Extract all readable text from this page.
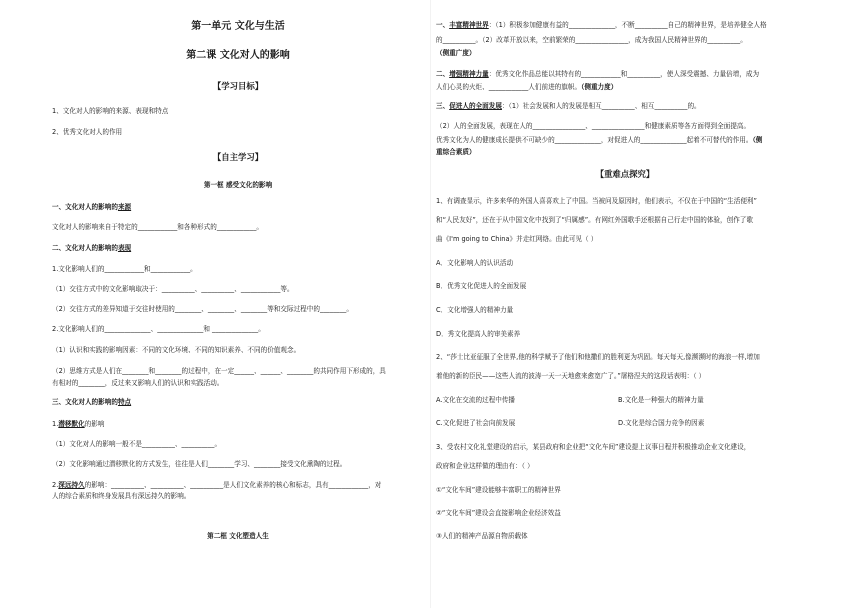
第一单元 文化与生活
第二课 文化对人的影响
【学习目标】
1、文化对人的影响的来源、表现和特点
2、优秀文化对人的作用
【自主学习】
第一框 感受文化的影响
一、文化对人的影响的来源
文化对人的影响来自于特定的____________和各种形式的____________。
二、文化对人的影响的表现
1.文化影响人们的____________和____________。
（1）交往方式中的文化影响取决于：__________、__________、____________等。
（2）交往方式的差异知道于交往时使用的________、________、________等和交际过程中的________。
2.文化影响人们的______________、______________和 ______________。
（1）认识和实践的影响因素：不同的文化环境、不同的知识素养、不同的价值观念。
（2）思维方式是人们在________和________的过程中，在一定______、______、________的共同作用下形成的，具
有相对的________，反过来又影响人们的认识和实践活动。
三、文化对人的影响的特点
1.潜移默化的影响
（1）文化对人的影响一般不是__________、__________。
（2）文化影响通过潜移默化的方式发生，往往是人们________学习、________接受文化熏陶的过程。
2.深远持久的影响：__________、__________、__________是人们文化素养的核心和标志，具有____________，对
人的综合素质和终身发展具有深远持久的影响。
第二框 文化塑造人生
一、丰富精神世界：（1）积极参加健康有益的______________，不断__________自己的精神世界，是培养健全人格
的__________。（2）改革开放以来，空前繁荣的________________，成为我国人民精神世界的__________。
（侧重广度）
二、增强精神力量：优秀文化作品总能以其特有的____________和__________，使人深受震撼、力量倍增，成为
人们心灵的火炬、____________人们前进的旗帜。（侧重力度）
三、促进人的全面发展：（1）社会发展和人的发展是相互__________、相互__________的。
（2）人的全面发展，表现在人的________________、________________和健康素质等各方面得到全面提高。
优秀文化为人的健康成长提供不可缺少的______________，对促进人的______________起着不可替代的作用。（侧
重综合素质）
【重难点探究】
1、有调查显示，许多来华的外国人喜喜欢上了中国。当被问及原因时，他们表示，不仅在于中国的“生活便利”
和“人民友好”，还在于从中国文化中找到了“归属感”。有网红外国歌手还根据自己行走中国的体验，创作了歌
曲《I'm going to China》并走红网络。由此可见（ ）
A．文化影响人的认识活动
B．优秀文化促进人的全面发展
C．文化增强人的精神力量
D．秀文化提高人的审美素养
2、“莎士比亚征服了全世界,他的科学赋予了他们和他撒们的胜利更为巩固。每天每天,像濒濒时的海浪一样,增加
着他的新的臣民——这些人流的波涛一天一天地愈来愈宽广了。”屠格涅夫的这段话表明：（ ）
A.文化在交流的过程中传播	B.文化是一种强大的精神力量
C.文化促进了社会向前发展	D.文化是综合国力竞争的因素
3、受农村文化礼堂建设的启示，某县政府和企业把“文化车间”建设提上议事日程并积极推动企业文化建设，
政府和企业这样做的理由有：（ ）
①“文化车间”建设能够丰富职工的精神世界
②“文化车间”建设会直接影响企业经济效益
③人们的精神产品源自物质载体
